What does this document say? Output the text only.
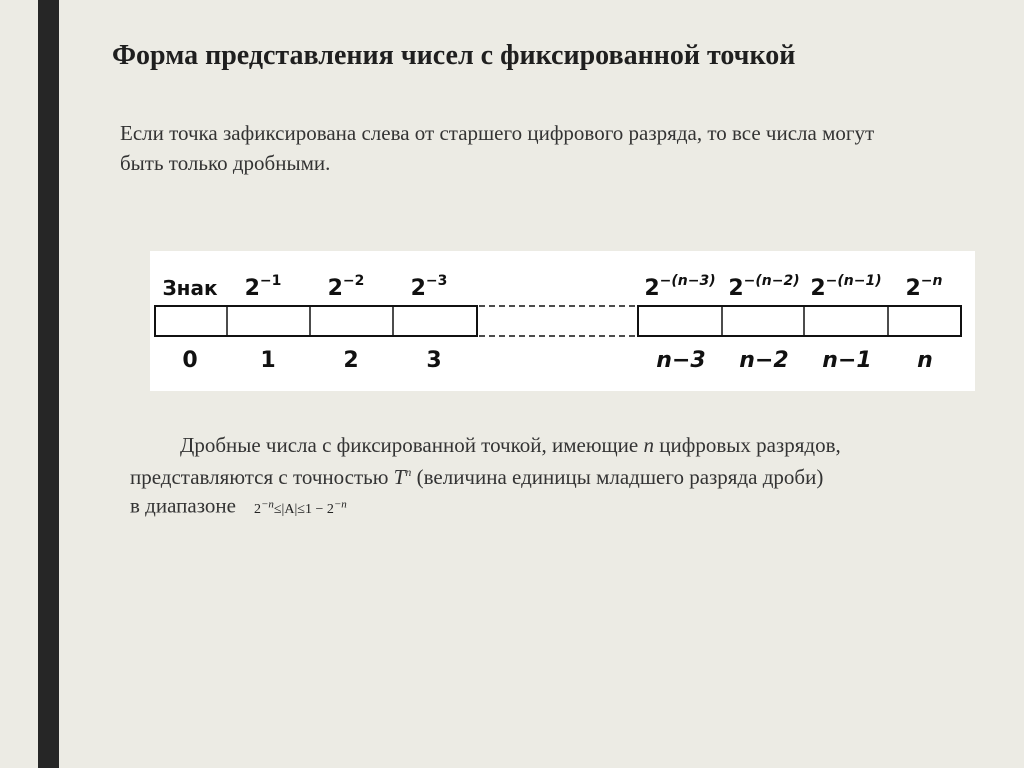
Форма представления чисел с фиксированной точкой
Если точка зафиксирована слева от старшего цифрового разряда, то все числа могут быть только дробными.
Знак $2^{-1}$ $2^{-2}$ $2^{-3}$	$2^{-(n-3)}$ $2^{-(n-2)}$ $2^{-(n-1)}$ $2^{-n}$
0	1	2	3	n−3 n−2 n−1 n

Дробные числа с фиксированной точкой, имеющие n цифровых разрядов,

представляются с точностью $T^n$ (величина единицы младшего разряда дроби)

в диапазоне $2^{-n}\le|A|\le 1 - 2^{-n}$
